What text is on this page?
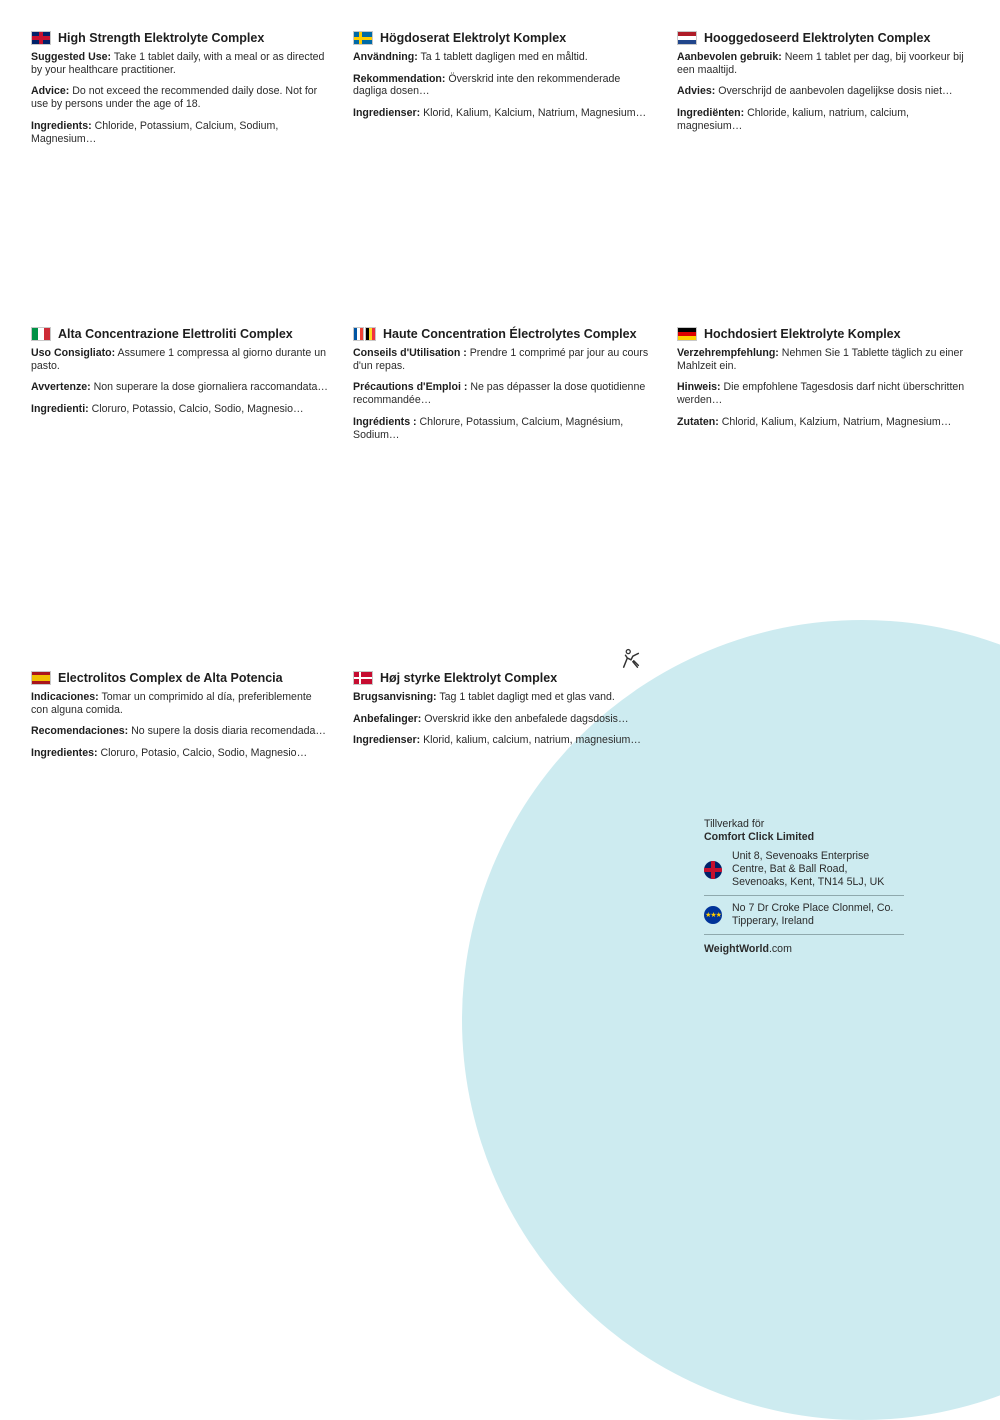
High Strength Elektrolyte Complex
Suggested Use: Take 1 tablet daily, with a meal or as directed by your healthcare practitioner.
Advice: Do not exceed the recommended daily dose. Not for use by persons under the age of 18.
Ingredients: Chloride, Potassium, Calcium, Sodium, Magnesium…
Högdoserat Elektrolyt Komplex
Användning: Ta 1 tablett dagligen med en måltid.
Rekommendation: Överskrid inte den rekommenderade dagliga dosen…
Ingredienser: Klorid, Kalium, Kalcium, Natrium, Magnesium…
Hooggedoseerd Elektrolyten Complex
Aanbevolen gebruik: Neem 1 tablet per dag, bij voorkeur bij een maaltijd.
Advies: Overschrijd de aanbevolen dagelijkse dosis niet…
Ingrediënten: Chloride, kalium, natrium, calcium, magnesium…
Alta Concentrazione Elettroliti Complex
Uso Consigliato: Assumere 1 compressa al giorno durante un pasto.
Avvertenze: Non superare la dose giornaliera raccomandata…
Ingredienti: Cloruro, Potassio, Calcio, Sodio, Magnesio…
Haute Concentration Électrolytes Complex
Conseils d'Utilisation : Prendre 1 comprimé par jour au cours d'un repas.
Précautions d'Emploi : Ne pas dépasser la dose quotidienne recommandée…
Ingrédients : Chlorure, Potassium, Calcium, Magnésium, Sodium…
Hochdosiert Elektrolyte Komplex
Verzehrempfehlung: Nehmen Sie 1 Tablette täglich zu einer Mahlzeit ein.
Hinweis: Die empfohlene Tagesdosis darf nicht überschritten werden…
Zutaten: Chlorid, Kalium, Kalzium, Natrium, Magnesium…
Electrolitos Complex de Alta Potencia
Indicaciones: Tomar un comprimido al día, preferiblemente con alguna comida.
Recomendaciones: No supere la dosis diaria recomendada…
Ingredientes: Cloruro, Potasio, Calcio, Sodio, Magnesio…
Høj styrke Elektrolyt Complex
Brugsanvisning: Tag 1 tablet dagligt med et glas vand.
Anbefalinger: Overskrid ikke den anbefalede dagsdosis…
Ingredienser: Klorid, kalium, calcium, natrium, magnesium…
Tillverkad för
Comfort Click Limited
Unit 8, Sevenoaks Enterprise Centre, Bat & Ball Road, Sevenoaks, Kent, TN14 5LJ, UK
★★★
No 7 Dr Croke Place Clonmel, Co. Tipperary, Ireland
WeightWorld.com
